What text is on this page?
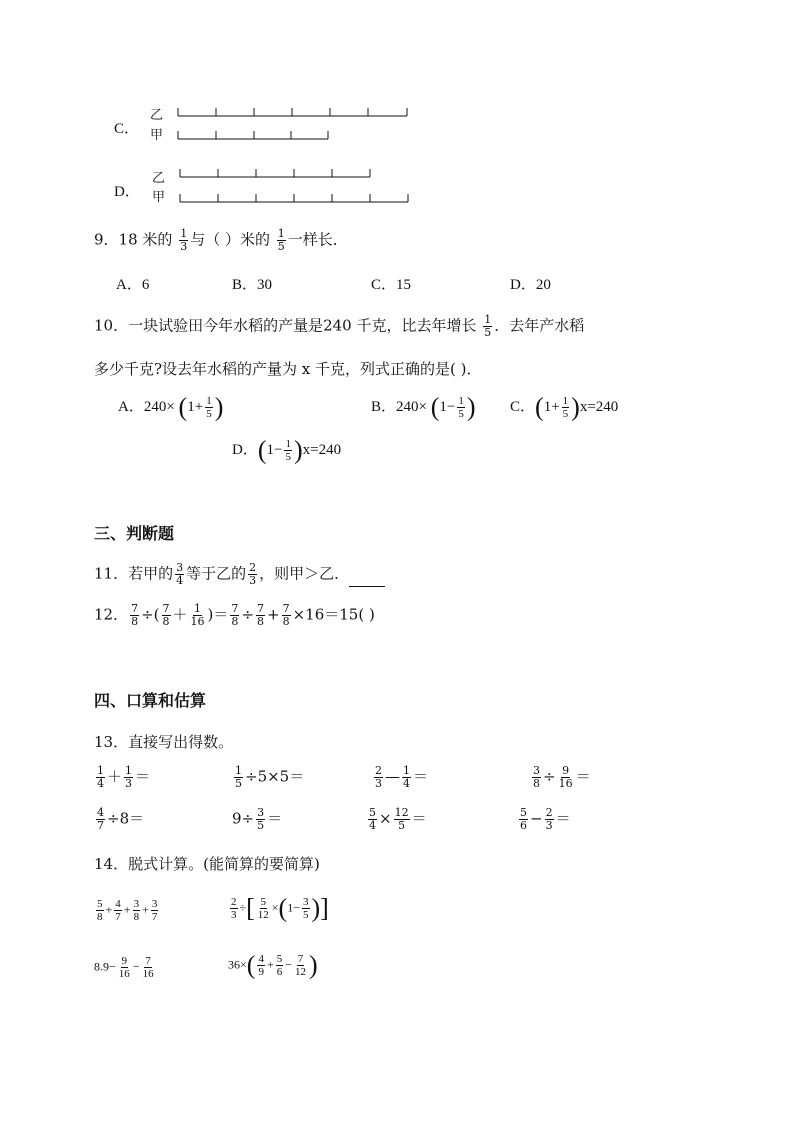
C．
乙
甲
D．
乙
甲
9．18 米的 $\frac{1}{3}$ 与（ ）米的 $\frac{1}{5}$ 一样长．
A．6	B．30	C．15	D．20
10．一块试验田今年水稻的产量是240 千克，比去年增长 $\frac{1}{5}$ ．去年产水稻
多少千克?设去年水稻的产量为 x 千克，列式正确的是( )．
A．$240\times (1+ \frac{1}{5}$ )	B．$240\times (1- \frac{1}{5}$ ) C．$(1+ \frac{1}{5} )x=240$
D．$(1- \frac{1}{5} )x=240$
三、判断题
11．若甲的 $\frac{3}{4}$ 等于乙的 $\frac{2}{3}$ ，则甲＞乙．
12． $\frac{7}{8}$ ÷( $\frac{7}{8} + \frac{1}{16}$ )＝ $\frac{7}{8} \div \frac{7}{8} + \frac{7}{8} \times 16=15$( )
四、口算和估算
13．直接写出得数。
$\frac{1}{4} + \frac{1}{3}$ ＝	$\frac{1}{5} \div 5\times 5=$	$\frac{2}{3}$ — $\frac{1}{4}$ ＝	$\frac{3}{8} \div \frac{9}{16}$ ＝
$\frac{4}{7} \div 8=$	$9\div \frac{3}{5}$ ＝	$\frac{5}{4} \times \frac{12}{5}$ ＝	$\frac{5}{6} - \frac{2}{3}$ ＝
14．脱式计算。(能简算的要简算)
$\frac{5}{8} + \frac{4}{7} + \frac{3}{8} + \frac{3}{7}$	$\frac{2}{3}$ ÷[ $\frac{5}{12} \times(1- \frac{3}{5}$ )]
$8.9- \frac{9}{16} - \frac{7}{16}$	$36\times( \frac{4}{9} + \frac{5}{6} - \frac{7}{12}$ )
